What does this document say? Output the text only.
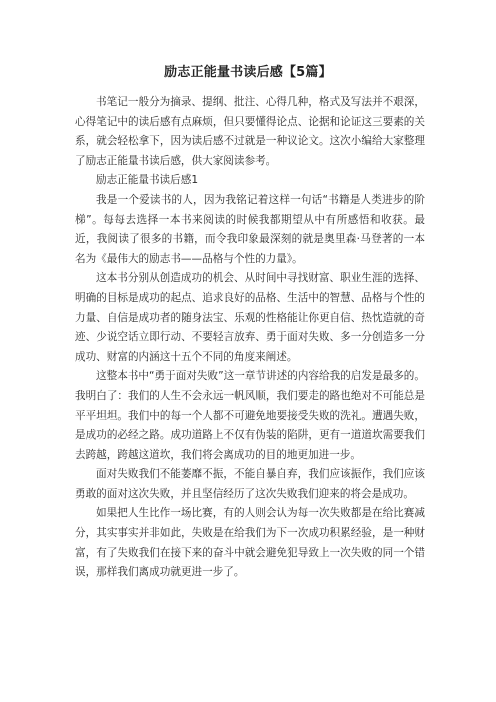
励志正能量书读后感【5篇】

书笔记一般分为摘录、提纲、批注、心得几种，格式及写法并不艰深，心得笔记中的读后感有点麻烦，但只要懂得论点、论据和论证这三要素的关系，就会轻松拿下，因为读后感不过就是一种议论文。这次小编给大家整理了励志正能量书读后感，供大家阅读参考。

励志正能量书读后感1

我是一个爱读书的人，因为我铭记着这样一句话“书籍是人类进步的阶梯”。每每去选择一本书来阅读的时候我都期望从中有所感悟和收获。最近，我阅读了很多的书籍，而令我印象最深刻的就是奥里森·马登著的一本名为《最伟大的励志书——品格与个性的力量》。

这本书分别从创造成功的机会、从时间中寻找财富、职业生涯的选择、明确的目标是成功的起点、追求良好的品格、生活中的智慧、品格与个性的力量、自信是成功者的随身法宝、乐观的性格能让你更自信、热忱造就的奇迹、少说空话立即行动、不要轻言放弃、勇于面对失败、多一分创造多一分成功、财富的内涵这十五个不同的角度来阐述。

这整本书中“勇于面对失败”这一章节讲述的内容给我的启发是最多的。我明白了：我们的人生不会永远一帆风顺，我们要走的路也绝对不可能总是平平坦坦。我们中的每一个人都不可避免地要接受失败的洗礼。遭遇失败，是成功的必经之路。成功道路上不仅有伪装的陷阱，更有一道道坎需要我们去跨越，跨越这道坎，我们将会离成功的目的地更加进一步。

面对失败我们不能萎靡不振，不能自暴自弃，我们应该振作，我们应该勇敢的面对这次失败，并且坚信经历了这次失败我们迎来的将会是成功。

如果把人生比作一场比赛，有的人则会认为每一次失败都是在给比赛减分，其实事实并非如此，失败是在给我们为下一次成功积累经验，是一种财富，有了失败我们在接下来的奋斗中就会避免犯导致上一次失败的同一个错误，那样我们离成功就更进一步了。
